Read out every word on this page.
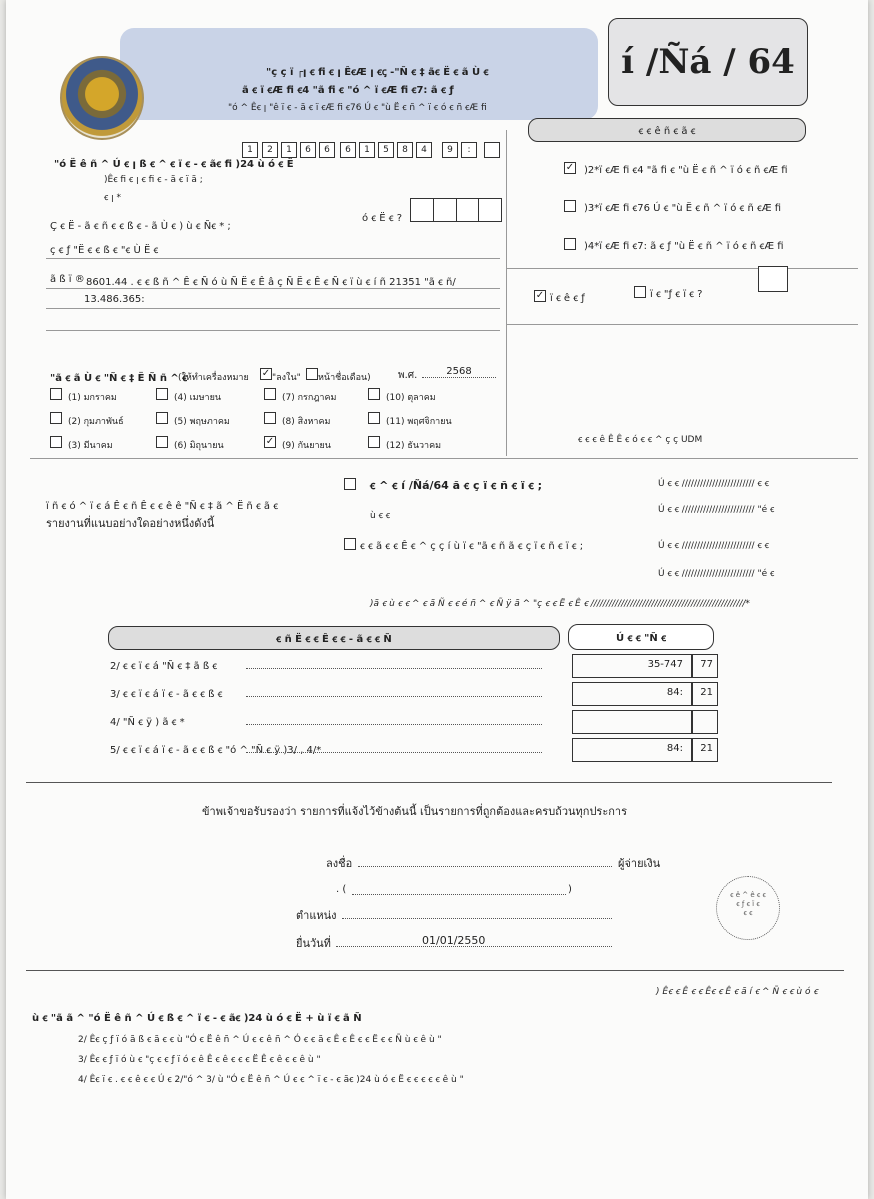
"ç ç ï ┌ꞁ ꞓ ﬁ ꞓ ꞁ ÊꞓÆ ꞁ ꞓꞔ -"Ñ ꞓ ‡ ãꞓ Ë ꞓ ã Ù ꞓ
ã ꞓ ï ꞓÆ ﬁ ꞓ4 "ã ﬁ ꞓ "ó ^ ï ꞓÆ ﬁ ꞓ7: ã ꞓ ƒ
"ó ^ Êꞓ ꞁ "ê ï ꞓ - ã ꞓ ï ꞓÆ ﬁ ꞓ76 Ú ꞓ "ù Ë ꞓ ñ ^ ï ꞓ ó ꞓ ñ ꞓÆ ﬁ
í /Ñá / 64
"ó Ë ê ñ ^ Ú ꞓ ꞁ ß ꞓ ^ ꞓ ï ꞓ - ꞓ ãꞓ ﬁ )24 ù ó ꞓ Ë
)Êꞓ ﬁ ꞓ ꞁ ꞓ ﬁ ꞓ - ã ꞓ ï ã ;
ꞓ ꞁ *
1	2	1	6	6	6	1	5	8	4	9	:
Ç ꞓ Ë - ã ꞓ ñ ꞓ ꞓ ß ꞓ - ã Ù ꞓ ) ù ꞓ Ñꞓ * ;
ó ꞓ Ë ꞓ ?
ç ꞓ ƒ "Ë ꞓ ꞓ ß ꞓ "ꞓ Ù Ë ꞓ
ã ß ï ® 8601.44 . ꞓ ꞓ ß ñ ^ Ê ꞓ Ñ ó ù Ñ Ë ꞓ Ê â ç Ñ Ë ꞓ Ê ꞓ Ñ ꞓ ï ù ꞓ í ñ 21351 "ã ꞓ ñ/
13.486.365:
ꞓ ꞓ ê ñ ꞓ ã ꞓ
✓ )2*ï ꞓÆ ﬁ ꞓ4 "ã ﬁ ꞓ "ù Ë ꞓ ñ ^ ï ó ꞓ ñ ꞓÆ ﬁ
)3*ï ꞓÆ ﬁ ꞓ76 Ú ꞓ "ù Ë ꞓ ñ ^ ï ó ꞓ ñ ꞓÆ ﬁ
)4*ï ꞓÆ ﬁ ꞓ7: ã ꞓ ƒ "ù Ë ꞓ ñ ^ ï ó ꞓ ñ ꞓÆ ﬁ
✓ ï ꞓ ê ꞓ ƒ	ï ꞓ "ƒ ꞓ ï ꞓ ?
ꞓ ꞓ ꞓ ê Ê Ê ꞓ ó ꞓ ꞓ ^ ç ç UDM
"ã ꞓ ã Ù ꞓ "Ñ ꞓ ‡ Ë Ñ ñ ^ ꞓ
(ให้ทำเครื่องหมาย ✓ "ลงใน" หน้าชื่อเดือน)	พ.ศ.	2568
(1) มกราคม	(4) เมษายน	(7) กรกฎาคม	(10) ตุลาคม
(2) กุมภาพันธ์	(5) พฤษภาคม	(8) สิงหาคม	(11) พฤศจิกายน
(3) มีนาคม	(6) มิถุนายน	✓ (9) กันยายน	(12) ธันวาคม
ï ñ ꞓ ó ^ ï ꞓ á Ê ꞓ ñ Ê ꞓ ꞓ ê ê "Ñ ꞓ ‡ ã ^ Ë ñ ꞓ ã ꞓ
รายงานที่แนบอย่างใดอย่างหนึ่งดังนี้
ꞓ ^ ꞓ í /Ñá/64 ã ꞓ ç ï ꞓ ñ ꞓ ï ꞓ ;
ù ꞓ ꞓ
ꞓ ꞓ ã ꞓ ꞓ Ê ꞓ ^ ç ç í ù ï ꞓ "ã ꞓ ñ ã ꞓ ç ï ꞓ ñ ꞓ ï ꞓ ;
Ú ꞓ ꞓ //////////////////////// ꞓ ꞓ
Ú ꞓ ꞓ //////////////////////// "é ꞓ
Ú ꞓ ꞓ //////////////////////// ꞓ ꞓ
Ú ꞓ ꞓ //////////////////////// "é ꞓ
)ã ꞓ ù ꞓ ꞓ ^ ꞓ ã Ñ ꞓ ꞓ é ñ ^ ꞓ Ñ ÿ ã ^ "ç ꞓ ꞓ Ë ꞓ Ê ꞓ ///////////////////////////////////////////////////*
ꞓ ñ Ë ꞓ ꞓ Ê ꞓ ꞓ - ã ꞓ ꞓ Ñ	Ú ꞓ ꞓ "Ñ ꞓ
2/ ꞓ ꞓ ï ꞓ á "Ñ ꞓ ‡ ã ß ꞓ	35-747 77
3/ ꞓ ꞓ ï ꞓ á ï ꞓ - ã ꞓ ꞓ ß ꞓ	84: 21
4/ "Ñ ꞓ ÿ ) ã ꞓ *
5/ ꞓ ꞓ ï ꞓ á ï ꞓ - ã ꞓ ꞓ ß ꞓ "ó ^ "Ñ ꞓ ÿ )3/ , 4/*	84: 21
ข้าพเจ้าขอรับรองว่า รายการที่แจ้งไว้ข้างต้นนี้ เป็นรายการที่ถูกต้องและครบถ้วนทุกประการ
ลงชื่อ	ผู้จ่ายเงิน
. (	)
ตำแหน่ง
ยื่นวันที่	01/01/2550
ꞓ ê ^ ê ꞓ ꞓ
ꞓ ƒ ꞓ ï ꞓ
ꞓ ꞓ
) Êꞓ ꞓ Ê ꞓ ꞓ Êꞓ ꞓ Ê ꞓ ã í ꞓ ^ Ñ ꞓ ꞓ ù ó ꞓ
ù ꞓ "ã ã ^ "ó Ë ê ñ ^ Ú ꞓ ß ꞓ ^ ï ꞓ - ꞓ ãꞓ )24 ù ó ꞓ Ë + ù ï ꞓ ã Ñ
2/ Êꞓ ç ƒ ï ó ã ß ꞓ ã ꞓ ꞓ ù "Ó ꞓ Ë ê ñ ^ Ú ꞓ ꞓ ê ñ ^ Ó ꞓ ꞓ ã ꞓ Ê ꞓ Ê ꞓ ꞓ Ë ꞓ ꞓ Ñ ù ꞓ ê ù "
3/ Êꞓ ꞓ ƒ ï ó ù ꞓ "ç ꞓ ꞓ ƒ ï ó ꞓ ê Ê ꞓ ê ꞓ ꞓ ꞓ Ë Ê ꞓ ê ꞓ ꞓ ê ù "
4/ Êꞓ ï ꞓ . ꞓ ꞓ ê ꞓ ꞓ Ú ꞓ 2/"ó ^ 3/ ù "Ó ꞓ Ë ê ñ ^ Ú ꞓ ꞓ ^ ï ꞓ - ꞓ ãꞓ )24 ù ó ꞓ Ë ꞓ ꞓ ꞓ ꞓ ꞓ ê ù "
